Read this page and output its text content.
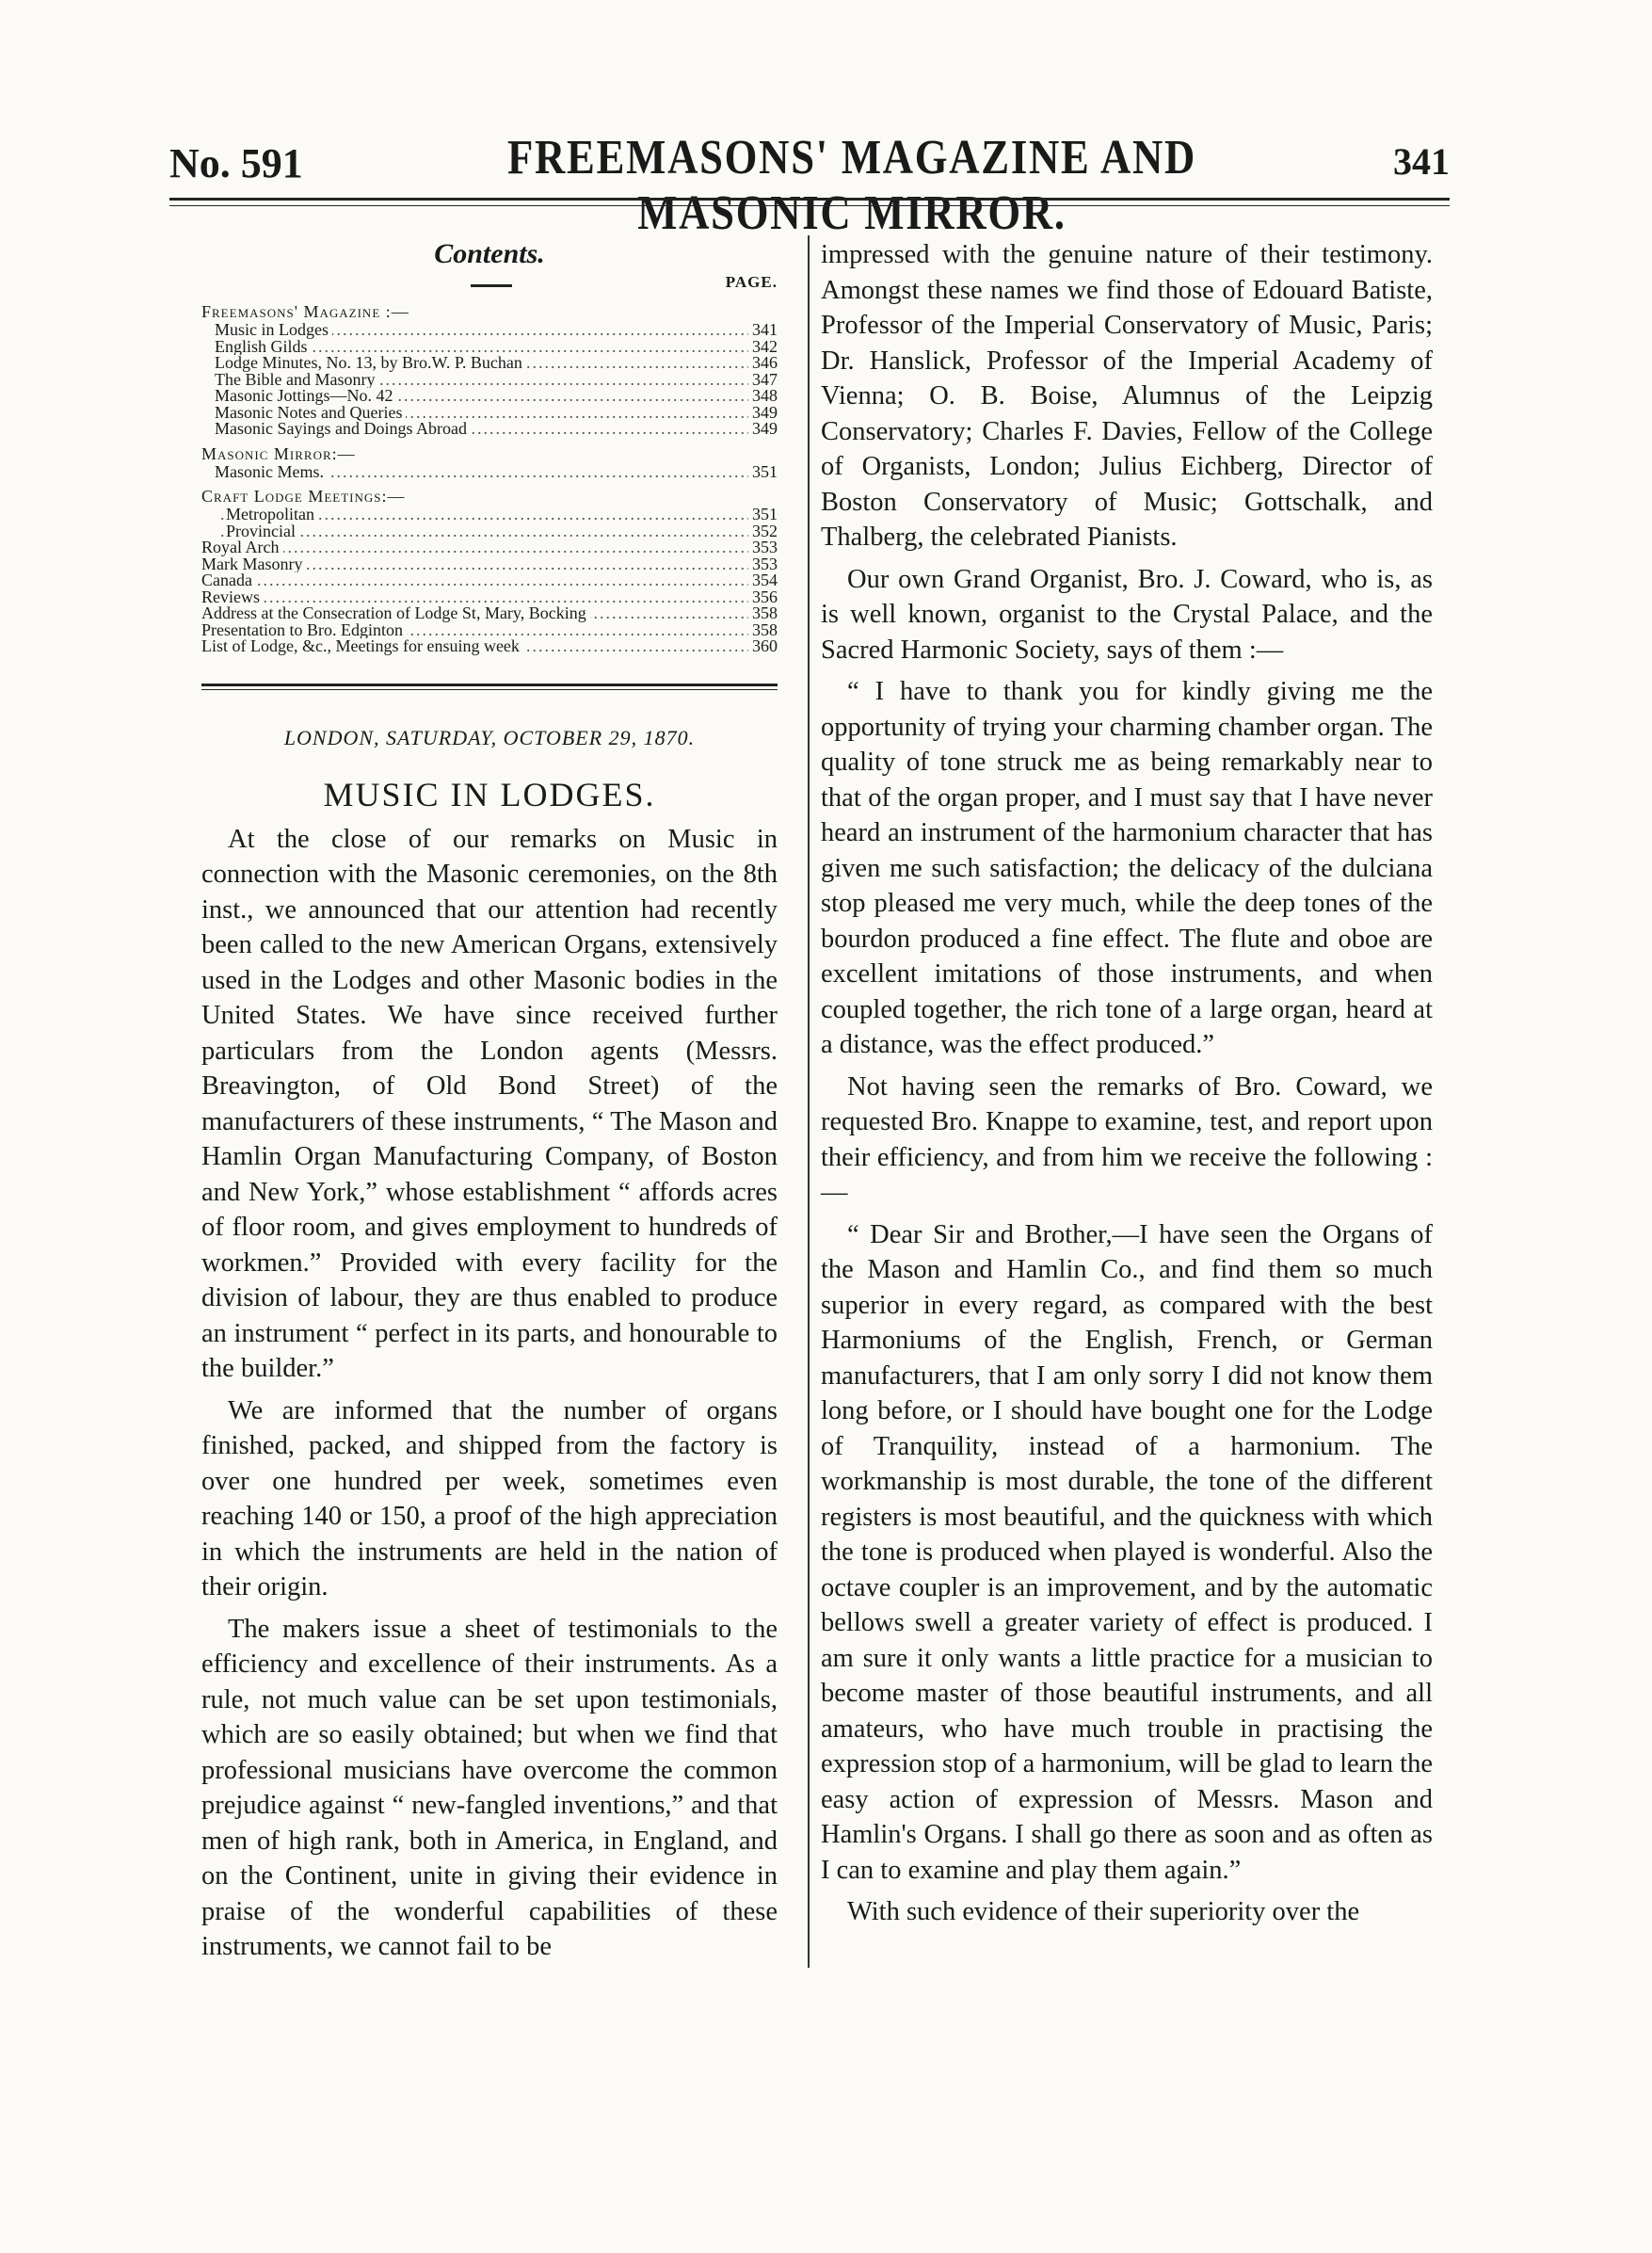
No. 591	FREEMASONS' MAGAZINE AND MASONIC MIRROR.
341
Contents.
PAGE.
Freemasons' Magazine :—
Music in Lodges	341
.....
English Gilds	342
.....
Lodge Minutes, No. 13, by Bro.W. P. Buchan	346
.....
The Bible and Masonry	347
.....
Masonic Jottings—No. 42	348
.....
Masonic Notes and Queries	349
.....
Masonic Sayings and Doings Abroad	349
.....
Masonic Mirror:—
Masonic Mems.	351
.....
Craft Lodge Meetings:—
Metropolitan	351
.....
Provincial	352
.....
Royal Arch	353
.....
Mark Masonry	353
.....
Canada	354
.....
Reviews	356
.....
Address at the Consecration of Lodge St, Mary, Bocking	358
.....
Presentation to Bro. Edginton	358
.....
List of Lodge, &c., Meetings for ensuing week	360
.....
LONDON, SATURDAY, OCTOBER 29, 1870.
MUSIC IN LODGES.

At the close of our remarks on Music in connection with the Masonic ceremonies, on the 8th inst., we announced that our attention had recently been called to the new American Organs, extensively used in the Lodges and other Masonic bodies in the United States. We have since received further particulars from the London agents (Messrs. Breavington, of Old Bond Street) of the manufacturers of these instruments, “ The Mason and Hamlin Organ Manufacturing Company, of Boston and New York,” whose establishment “ affords acres of floor room, and gives employment to hundreds of workmen.” Provided with every facility for the division of labour, they are thus enabled to produce an instrument “ perfect in its parts, and honourable to the builder.”

We are informed that the number of organs finished, packed, and shipped from the factory is over one hundred per week, sometimes even reaching 140 or 150, a proof of the high appreciation in which the instruments are held in the nation of their origin.

The makers issue a sheet of testimonials to the efficiency and excellence of their instruments. As a rule, not much value can be set upon testimonials, which are so easily obtained; but when we find that professional musicians have overcome the common prejudice against “ new-fangled inventions,” and that men of high rank, both in America, in England, and on the Continent, unite in giving their evidence in praise of the wonderful capabilities of these instruments, we cannot fail to be

impressed with the genuine nature of their testimony. Amongst these names we find those of Edouard Batiste, Professor of the Imperial Conservatory of Music, Paris; Dr. Hanslick, Professor of the Imperial Academy of Vienna; O. B. Boise, Alumnus of the Leipzig Conservatory; Charles F. Davies, Fellow of the College of Organists, London; Julius Eichberg, Director of Boston Conservatory of Music; Gottschalk, and Thalberg, the celebrated Pianists.

Our own Grand Organist, Bro. J. Coward, who is, as is well known, organist to the Crystal Palace, and the Sacred Harmonic Society, says of them :—

“ I have to thank you for kindly giving me the opportunity of trying your charming chamber organ. The quality of tone struck me as being remarkably near to that of the organ proper, and I must say that I have never heard an instrument of the harmonium character that has given me such satisfaction; the delicacy of the dulciana stop pleased me very much, while the deep tones of the bourdon produced a fine effect. The flute and oboe are excellent imitations of those instruments, and when coupled together, the rich tone of a large organ, heard at a distance, was the effect produced.”

Not having seen the remarks of Bro. Coward, we requested Bro. Knappe to examine, test, and report upon their efficiency, and from him we receive the following :—

“ Dear Sir and Brother,—I have seen the Organs of the Mason and Hamlin Co., and find them so much superior in every regard, as compared with the best Harmoniums of the English, French, or German manufacturers, that I am only sorry I did not know them long before, or I should have bought one for the Lodge of Tranquility, instead of a harmonium. The workmanship is most durable, the tone of the different registers is most beautiful, and the quickness with which the tone is produced when played is wonderful. Also the octave coupler is an improvement, and by the automatic bellows swell a greater variety of effect is produced. I am sure it only wants a little practice for a musician to become master of those beautiful instruments, and all amateurs, who have much trouble in practising the expression stop of a harmonium, will be glad to learn the easy action of expression of Messrs. Mason and Hamlin's Organs. I shall go there as soon and as often as I can to examine and play them again.”

With such evidence of their superiority over the
